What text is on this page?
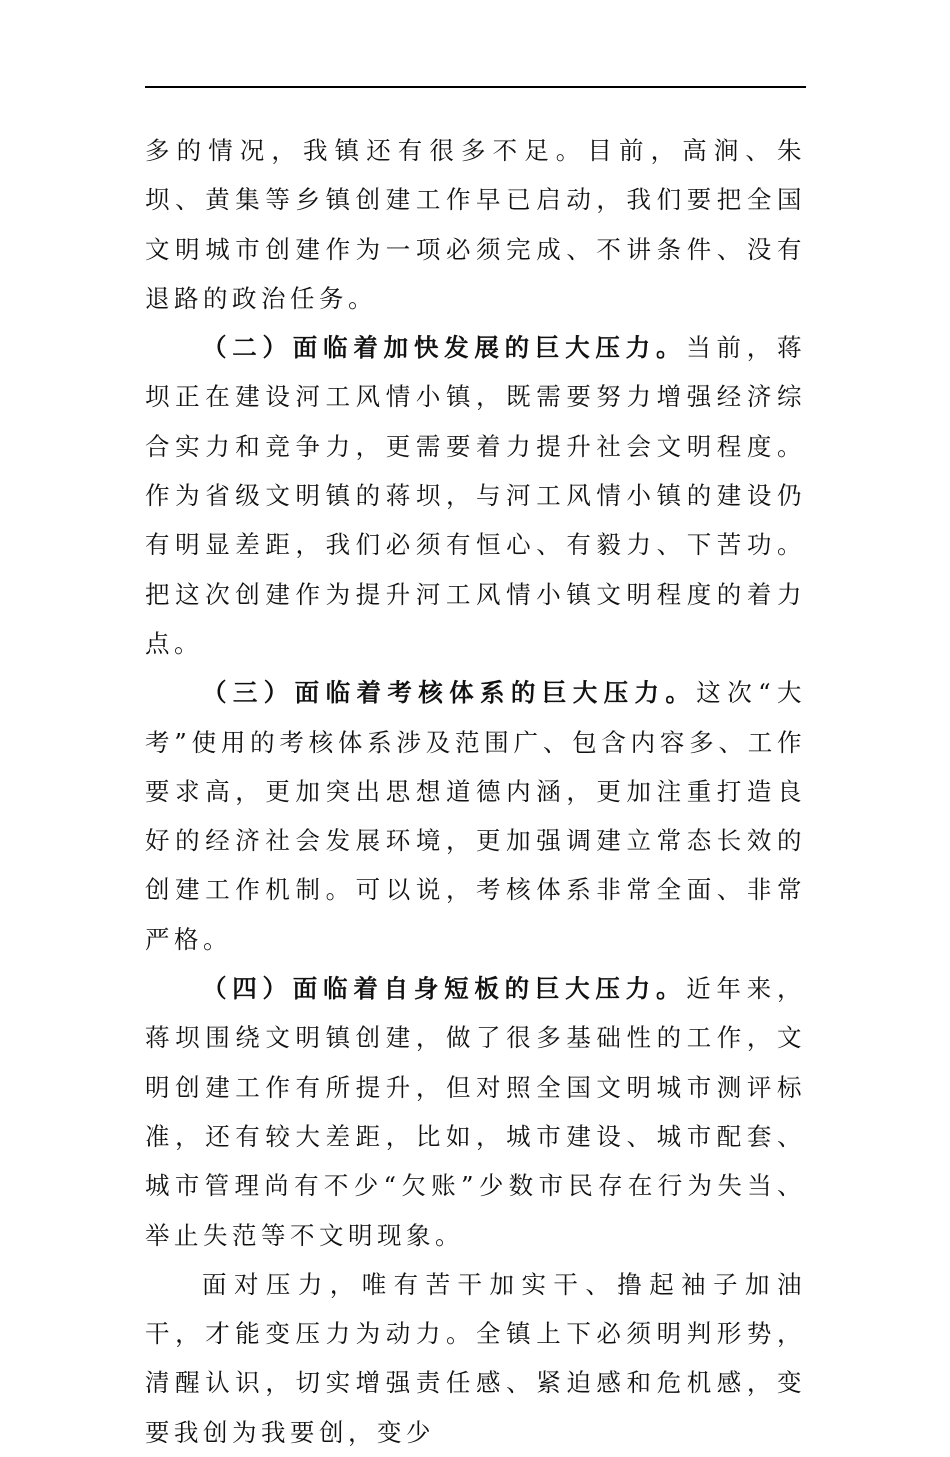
多的情况，我镇还有很多不足。目前，高涧、朱坝、黄集等乡镇创建工作早已启动，我们要把全国文明城市创建作为一项必须完成、不讲条件、没有退路的政治任务。

（二）面临着加快发展的巨大压力。当前，蒋坝正在建设河工风情小镇，既需要努力增强经济综合实力和竞争力，更需要着力提升社会文明程度。作为省级文明镇的蒋坝，与河工风情小镇的建设仍有明显差距，我们必须有恒心、有毅力、下苦功。把这次创建作为提升河工风情小镇文明程度的着力点。

（三）面临着考核体系的巨大压力。这次“大考”使用的考核体系涉及范围广、包含内容多、工作要求高，更加突出思想道德内涵，更加注重打造良好的经济社会发展环境，更加强调建立常态长效的创建工作机制。可以说，考核体系非常全面、非常严格。

（四）面临着自身短板的巨大压力。近年来，蒋坝围绕文明镇创建，做了很多基础性的工作，文明创建工作有所提升，但对照全国文明城市测评标准，还有较大差距，比如，城市建设、城市配套、城市管理尚有不少“欠账”少数市民存在行为失当、举止失范等不文明现象。

面对压力，唯有苦干加实干、撸起袖子加油干，才能变压力为动力。全镇上下必须明判形势，清醒认识，切实增强责任感、紧迫感和危机感，变要我创为我要创，变少
